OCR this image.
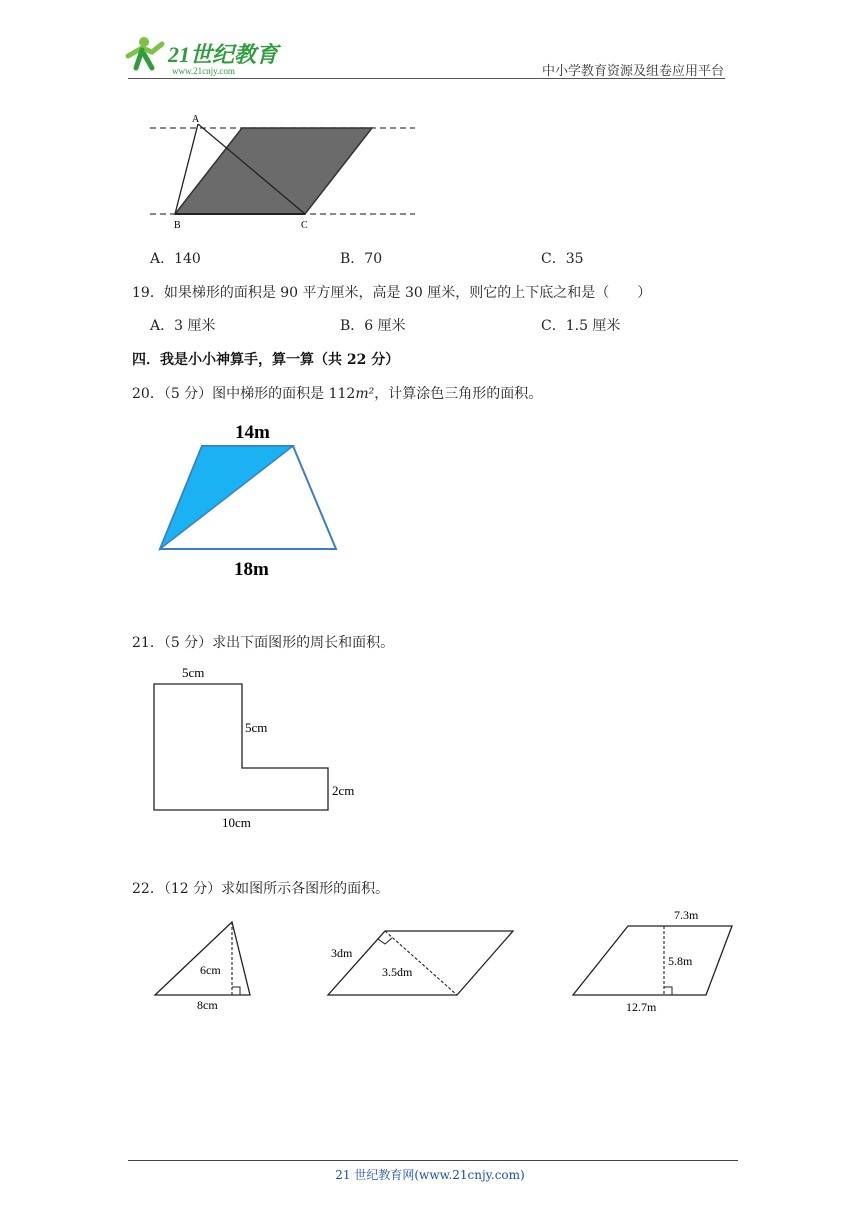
21世纪教育
www.21cnjy.com	中小学教育资源及组卷应用平台
A
B	C
A．140	B．70	C．35
19．如果梯形的面积是 90 平方厘米，高是 30 厘米，则它的上下底之和是（　　）
A．3 厘米	B．6 厘米	C．1.5 厘米
四．我是小小神算手，算一算（共 22 分）
20．（5 分）图中梯形的面积是 112m²，计算涂色三角形的面积。
14m
18m
21．（5 分）求出下面图形的周长和面积。
5cm
5cm
2cm
10cm
22．（12 分）求如图所示各图形的面积。
6cm
8cm
3dm
3.5dm
7.3m
5.8m
12.7m
21 世纪教育网(www.21cnjy.com)
